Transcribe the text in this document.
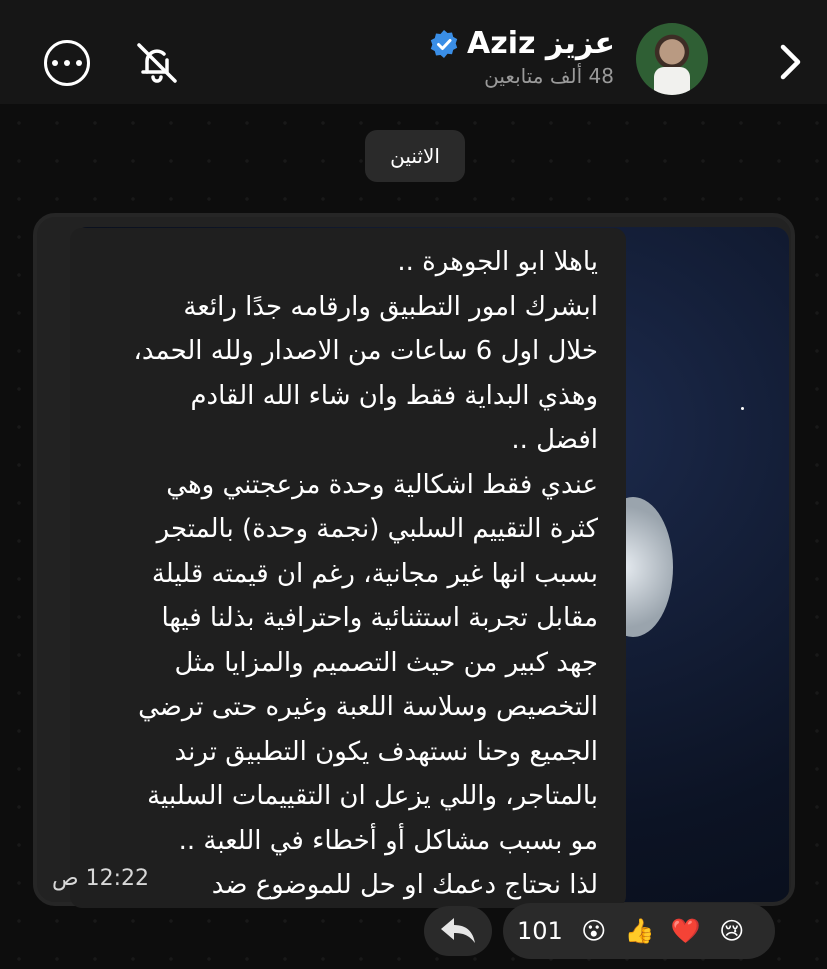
Aziz عزيز
48 ألف متابعين
الاثنين
ياهلا ابو الجوهرة ..
ابشرك امور التطبيق وارقامه جدًا رائعة
خلال اول 6 ساعات من الاصدار ولله الحمد،
وهذي البداية فقط وان شاء الله القادم
افضل ..
عندي فقط اشكالية وحدة مزعجتني وهي
كثرة التقييم السلبي (نجمة وحدة) بالمتجر
بسبب انها غير مجانية، رغم ان قيمته قليلة
مقابل تجربة استثنائية واحترافية بذلنا فيها
جهد كبير من حيث التصميم والمزايا مثل
التخصيص وسلاسة اللعبة وغيره حتى ترضي
الجميع وحنا نستهدف يكون التطبيق ترند
بالمتاجر، واللي يزعل ان التقييمات السلبية
مو بسبب مشاكل أو أخطاء في اللعبة ..
لذا نحتاج دعمك او حل للموضوع ضد
12:22 ص
101 😮 👍 ❤️ 😢
